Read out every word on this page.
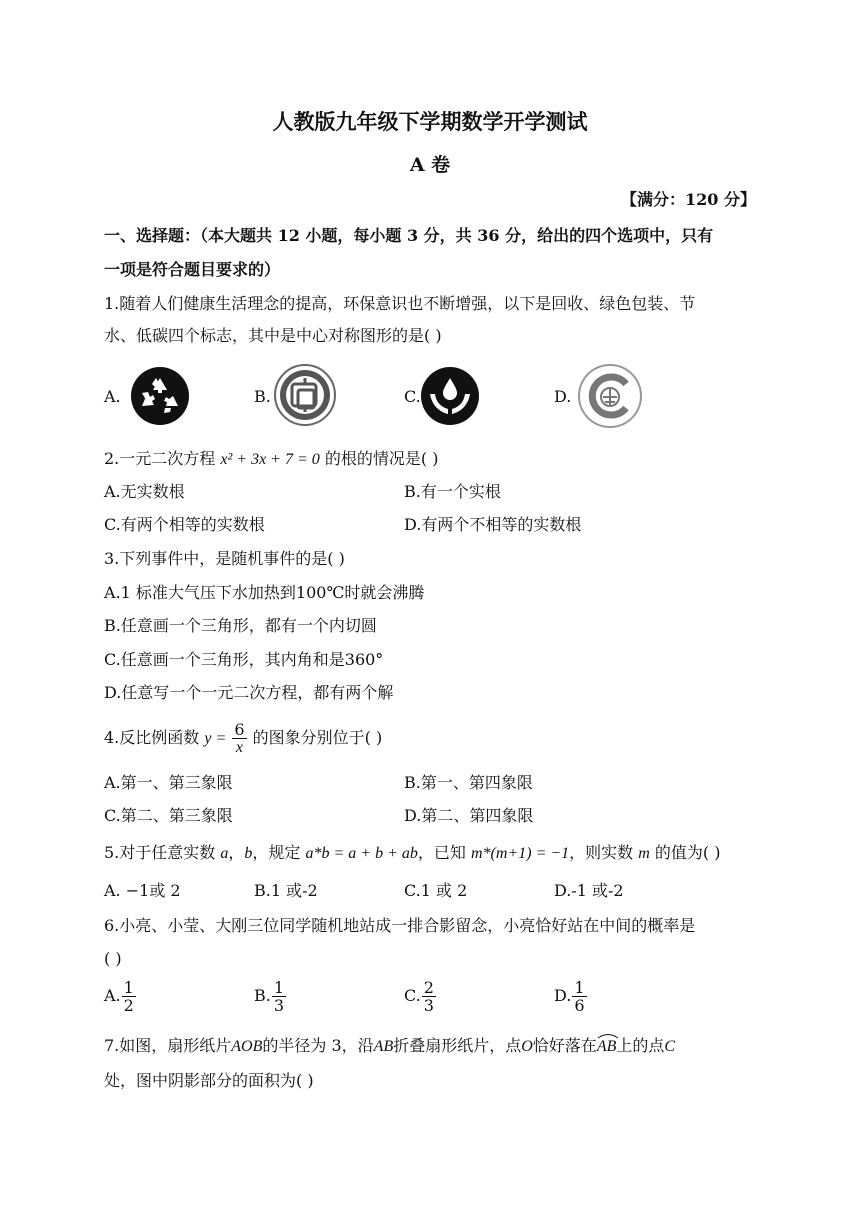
人教版九年级下学期数学开学测试
A 卷
【满分：120 分】
一、选择题：（本大题共 12 小题，每小题 3 分，共 36 分，给出的四个选项中，只有
一项是符合题目要求的）
1.随着人们健康生活理念的提高，环保意识也不断增强，以下是回收、绿色包装、节
水、低碳四个标志，其中是中心对称图形的是( )
A.	B.	C.	D.
2.一元二次方程 x² + 3x + 7 = 0 的根的情况是( )
A.无实数根	B.有一个实根
C.有两个相等的实数根	D.有两个不相等的实数根
3.下列事件中，是随机事件的是( )
A.1 标准大气压下水加热到100℃时就会沸腾
B.任意画一个三角形，都有一个内切圆
C.任意画一个三角形，其内角和是360°
D.任意写一个一元二次方程，都有两个解
4.反比例函数 $y = \frac{6}{x}$ 的图象分别位于( )
A.第一、第三象限	B.第一、第四象限
C.第二、第三象限	D.第二、第四象限
5.对于任意实数 a，b，规定 a*b = a + b + ab，已知 m*(m+1) = −1，则实数 m 的值为( )
A. −1或 2	B.1 或-2	C.1 或 2	D.-1 或-2
6.小亮、小莹、大刚三位同学随机地站成一排合影留念，小亮恰好站在中间的概率是
( )
A. $\frac{1}{2}$	B. $\frac{1}{3}$	C. $\frac{2}{3}$	D. $\frac{1}{6}$
7.如图，扇形纸片AOB的半径为 3，沿AB折叠扇形纸片，点O恰好落在
AB上的点C
处，图中阴影部分的面积为( )
